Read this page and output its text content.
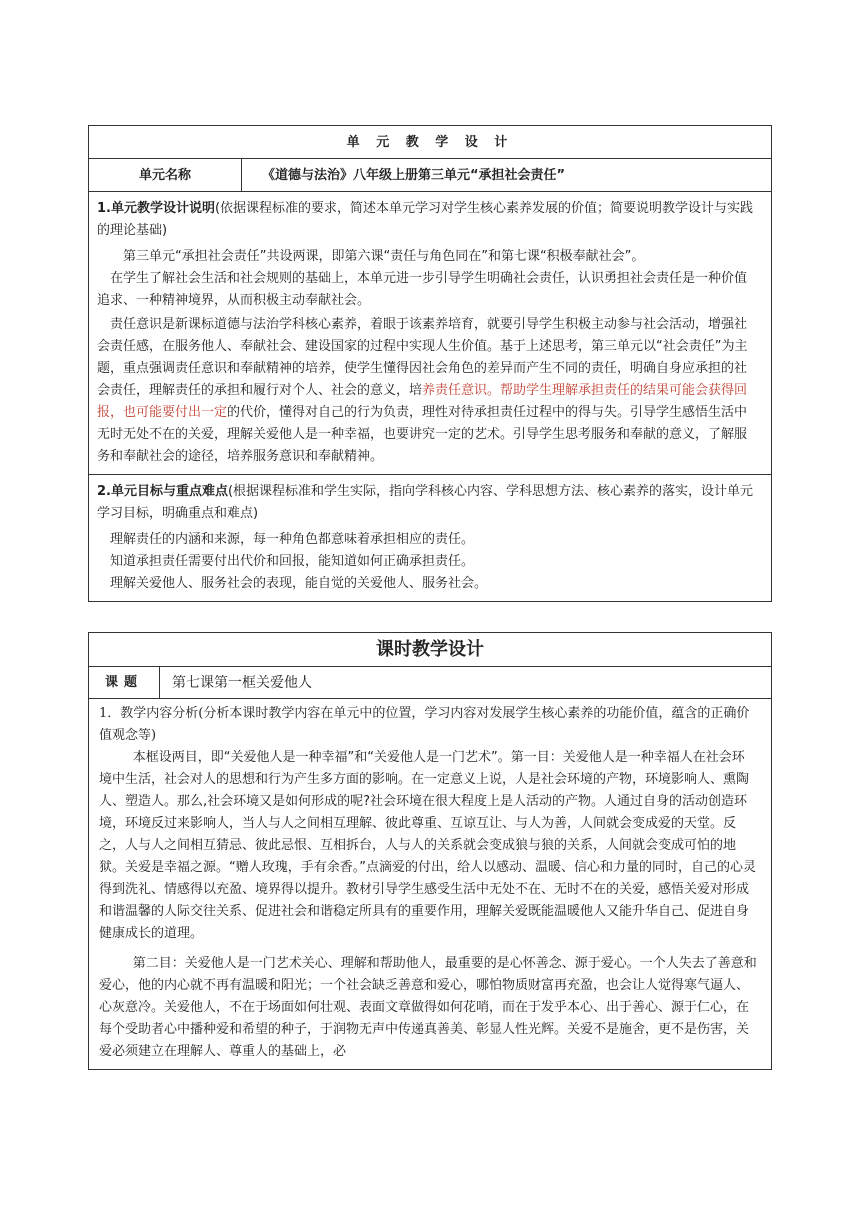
单 元 教 学 设 计
单元名称	《道德与法治》八年级上册第三单元“承担社会责任”

1.单元教学设计说明(依据课程标准的要求，简述本单元学习对学生核心素养发展的价值；简要说明教学设计与实践的理论基础)

第三单元“承担社会责任”共设两课，即第六课“责任与角色同在”和第七课“积极奉献社会”。

在学生了解社会生活和社会规则的基础上，本单元进一步引导学生明确社会责任，认识勇担社会责任是一种价值追求、一种精神境界，从而积极主动奉献社会。

责任意识是新课标道德与法治学科核心素养，着眼于该素养培育，就要引导学生积极主动参与社会活动，增强社会责任感，在服务他人、奉献社会、建设国家的过程中实现人生价值。基于上述思考，第三单元以“社会责任”为主题，重点强调责任意识和奉献精神的培养，使学生懂得因社会角色的差异而产生不同的责任，明确自身应承担的社会责任，理解责任的承担和履行对个人、社会的意义，培养责任意识。帮助学生理解承担责任的结果可能会获得回报，也可能要付出一定的代价，懂得对自己的行为负责，理性对待承担责任过程中的得与失。引导学生感悟生活中无时无处不在的关爱，理解关爱他人是一种幸福，也要讲究一定的艺术。引导学生思考服务和奉献的意义，了解服务和奉献社会的途径，培养服务意识和奉献精神。

2.单元目标与重点难点(根据课程标准和学生实际，指向学科核心内容、学科思想方法、核心素养的落实，设计单元学习目标，明确重点和难点)

理解责任的内涵和来源，每一种角色都意味着承担相应的责任。

知道承担责任需要付出代价和回报，能知道如何正确承担责任。

理解关爱他人、服务社会的表现，能自觉的关爱他人、服务社会。

课时教学设计
课题	第七课第一框关爱他人

1．教学内容分析(分析本课时教学内容在单元中的位置，学习内容对发展学生核心素养的功能价值，蕴含的正确价值观念等)

本框设两目，即“关爱他人是一种幸福”和“关爱他人是一门艺术”。第一目：关爱他人是一种幸福人在社会环境中生活，社会对人的思想和行为产生多方面的影响。在一定意义上说，人是社会环境的产物，环境影响人、熏陶人、塑造人。那么,社会环境又是如何形成的呢?社会环境在很大程度上是人活动的产物。人通过自身的活动创造环境，环境反过来影响人，当人与人之间相互理解、彼此尊重、互谅互让、与人为善，人间就会变成爱的天堂。反之，人与人之间相互猜忌、彼此忌恨、互相拆台，人与人的关系就会变成狼与狼的关系，人间就会变成可怕的地狱。关爱是幸福之源。“赠人玫瑰，手有余香。”点滴爱的付出，给人以感动、温暖、信心和力量的同时，自己的心灵得到洗礼、情感得以充盈、境界得以提升。教材引导学生感受生活中无处不在、无时不在的关爱，感悟关爱对形成和谐温馨的人际交往关系、促进社会和谐稳定所具有的重要作用，理解关爱既能温暖他人又能升华自己、促进自身健康成长的道理。

第二目：关爱他人是一门艺术关心、理解和帮助他人，最重要的是心怀善念、源于爱心。一个人失去了善意和爱心，他的内心就不再有温暖和阳光；一个社会缺乏善意和爱心，哪怕物质财富再充盈，也会让人觉得寒气逼人、心灰意冷。关爱他人，不在于场面如何壮观、表面文章做得如何花哨，而在于发乎本心、出于善心、源于仁心，在每个受助者心中播种爱和希望的种子，于润物无声中传递真善美、彰显人性光辉。关爱不是施舍，更不是伤害，关爱必须建立在理解人、尊重人的基础上，必
